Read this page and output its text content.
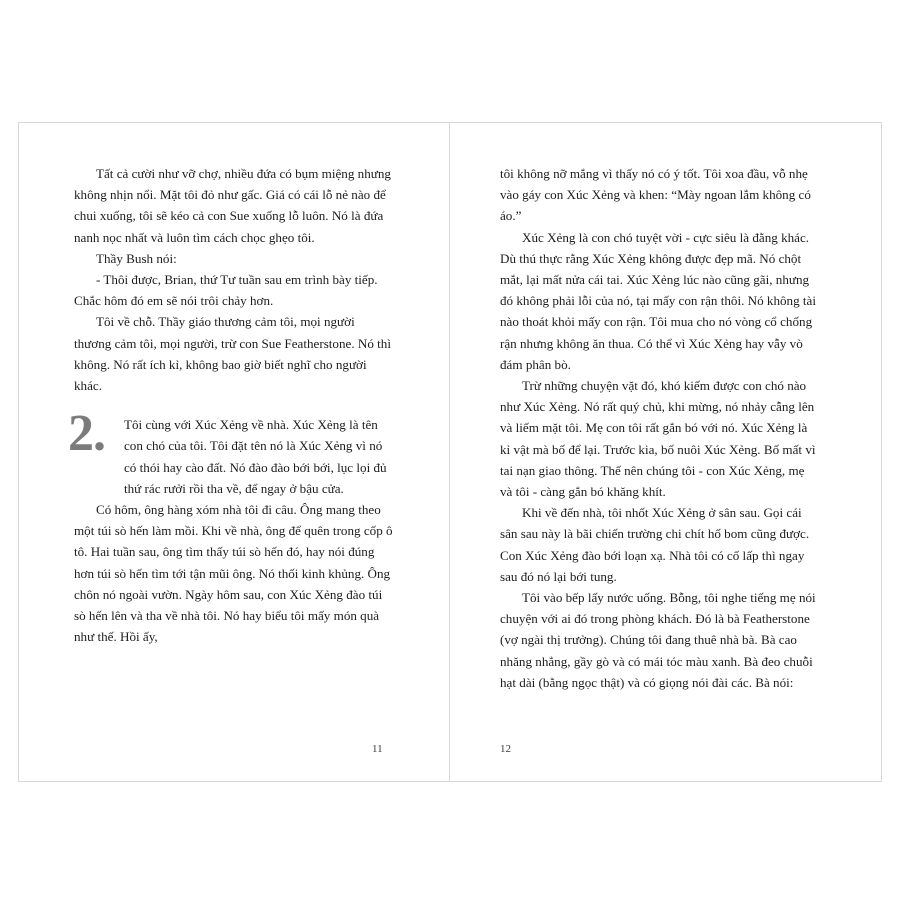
Tất cả cười như vỡ chợ, nhiều đứa có bụm miệng nhưng không nhịn nổi. Mặt tôi đỏ như gấc. Giá có cái lỗ nẻ nào để chui xuống, tôi sẽ kéo cả con Sue xuống lỗ luôn. Nó là đứa nanh nọc nhất và luôn tìm cách chọc ghẹo tôi.

Thầy Bush nói:

- Thôi được, Brian, thứ Tư tuần sau em trình bày tiếp. Chắc hôm đó em sẽ nói trôi chảy hơn.

Tôi về chỗ. Thầy giáo thương cảm tôi, mọi người thương cảm tôi, mọi người, trừ con Sue Featherstone. Nó thì không. Nó rất ích kỉ, không bao giờ biết nghĩ cho người khác.

2. Tôi cùng với Xúc Xẻng về nhà. Xúc Xẻng là tên con chó của tôi. Tôi đặt tên nó là Xúc Xẻng vì nó có thói hay cào đất. Nó đào đào bới bới, lục lọi đủ thứ rác rưởi rồi tha về, để ngay ở bậu cửa.

Có hôm, ông hàng xóm nhà tôi đi câu. Ông mang theo một túi sò hến làm mồi. Khi về nhà, ông để quên trong cốp ô tô. Hai tuần sau, ông tìm thấy túi sò hến đó, hay nói đúng hơn túi sò hến tìm tới tận mũi ông. Nó thối kinh khủng. Ông chôn nó ngoài vườn. Ngày hôm sau, con Xúc Xẻng đào túi sò hến lên và tha về nhà tôi. Nó hay biểu tôi mấy món quà như thế. Hồi ấy,

11

tôi không nỡ mắng vì thấy nó có ý tốt. Tôi xoa đầu, vỗ nhẹ vào gáy con Xúc Xẻng và khen: “Mày ngoan lắm không có áo.”

Xúc Xẻng là con chó tuyệt vời - cực siêu là đằng khác. Dù thú thực rằng Xúc Xẻng không được đẹp mã. Nó chột mắt, lại mất nửa cái tai. Xúc Xẻng lúc nào cũng gãi, nhưng đó không phải lỗi của nó, tại mấy con rận thôi. Nó không tài nào thoát khỏi mấy con rận. Tôi mua cho nó vòng cổ chống rận nhưng không ăn thua. Có thể vì Xúc Xẻng hay vẫy vò đám phân bò.

Trừ những chuyện vặt đó, khó kiếm được con chó nào như Xúc Xẻng. Nó rất quý chủ, khi mừng, nó nhảy cẫng lên và liếm mặt tôi. Mẹ con tôi rất gắn bó với nó. Xúc Xẻng là kỉ vật mà bố để lại. Trước kia, bố nuôi Xúc Xẻng. Bố mất vì tai nạn giao thông. Thế nên chúng tôi - con Xúc Xẻng, mẹ và tôi - càng gắn bó khăng khít.

Khi về đến nhà, tôi nhốt Xúc Xẻng ở sân sau. Gọi cái sân sau này là bãi chiến trường chi chít hố bom cũng được. Con Xúc Xẻng đào bới loạn xạ. Nhà tôi có cố lấp thì ngay sau đó nó lại bới tung.

Tôi vào bếp lấy nước uống. Bỗng, tôi nghe tiếng mẹ nói chuyện với ai đó trong phòng khách. Đó là bà Featherstone (vợ ngài thị trưởng). Chúng tôi đang thuê nhà bà. Bà cao nhăng nhẳng, gầy gò và có mái tóc màu xanh. Bà đeo chuỗi hạt dài (bằng ngọc thật) và có giọng nói đài các. Bà nói:

12
